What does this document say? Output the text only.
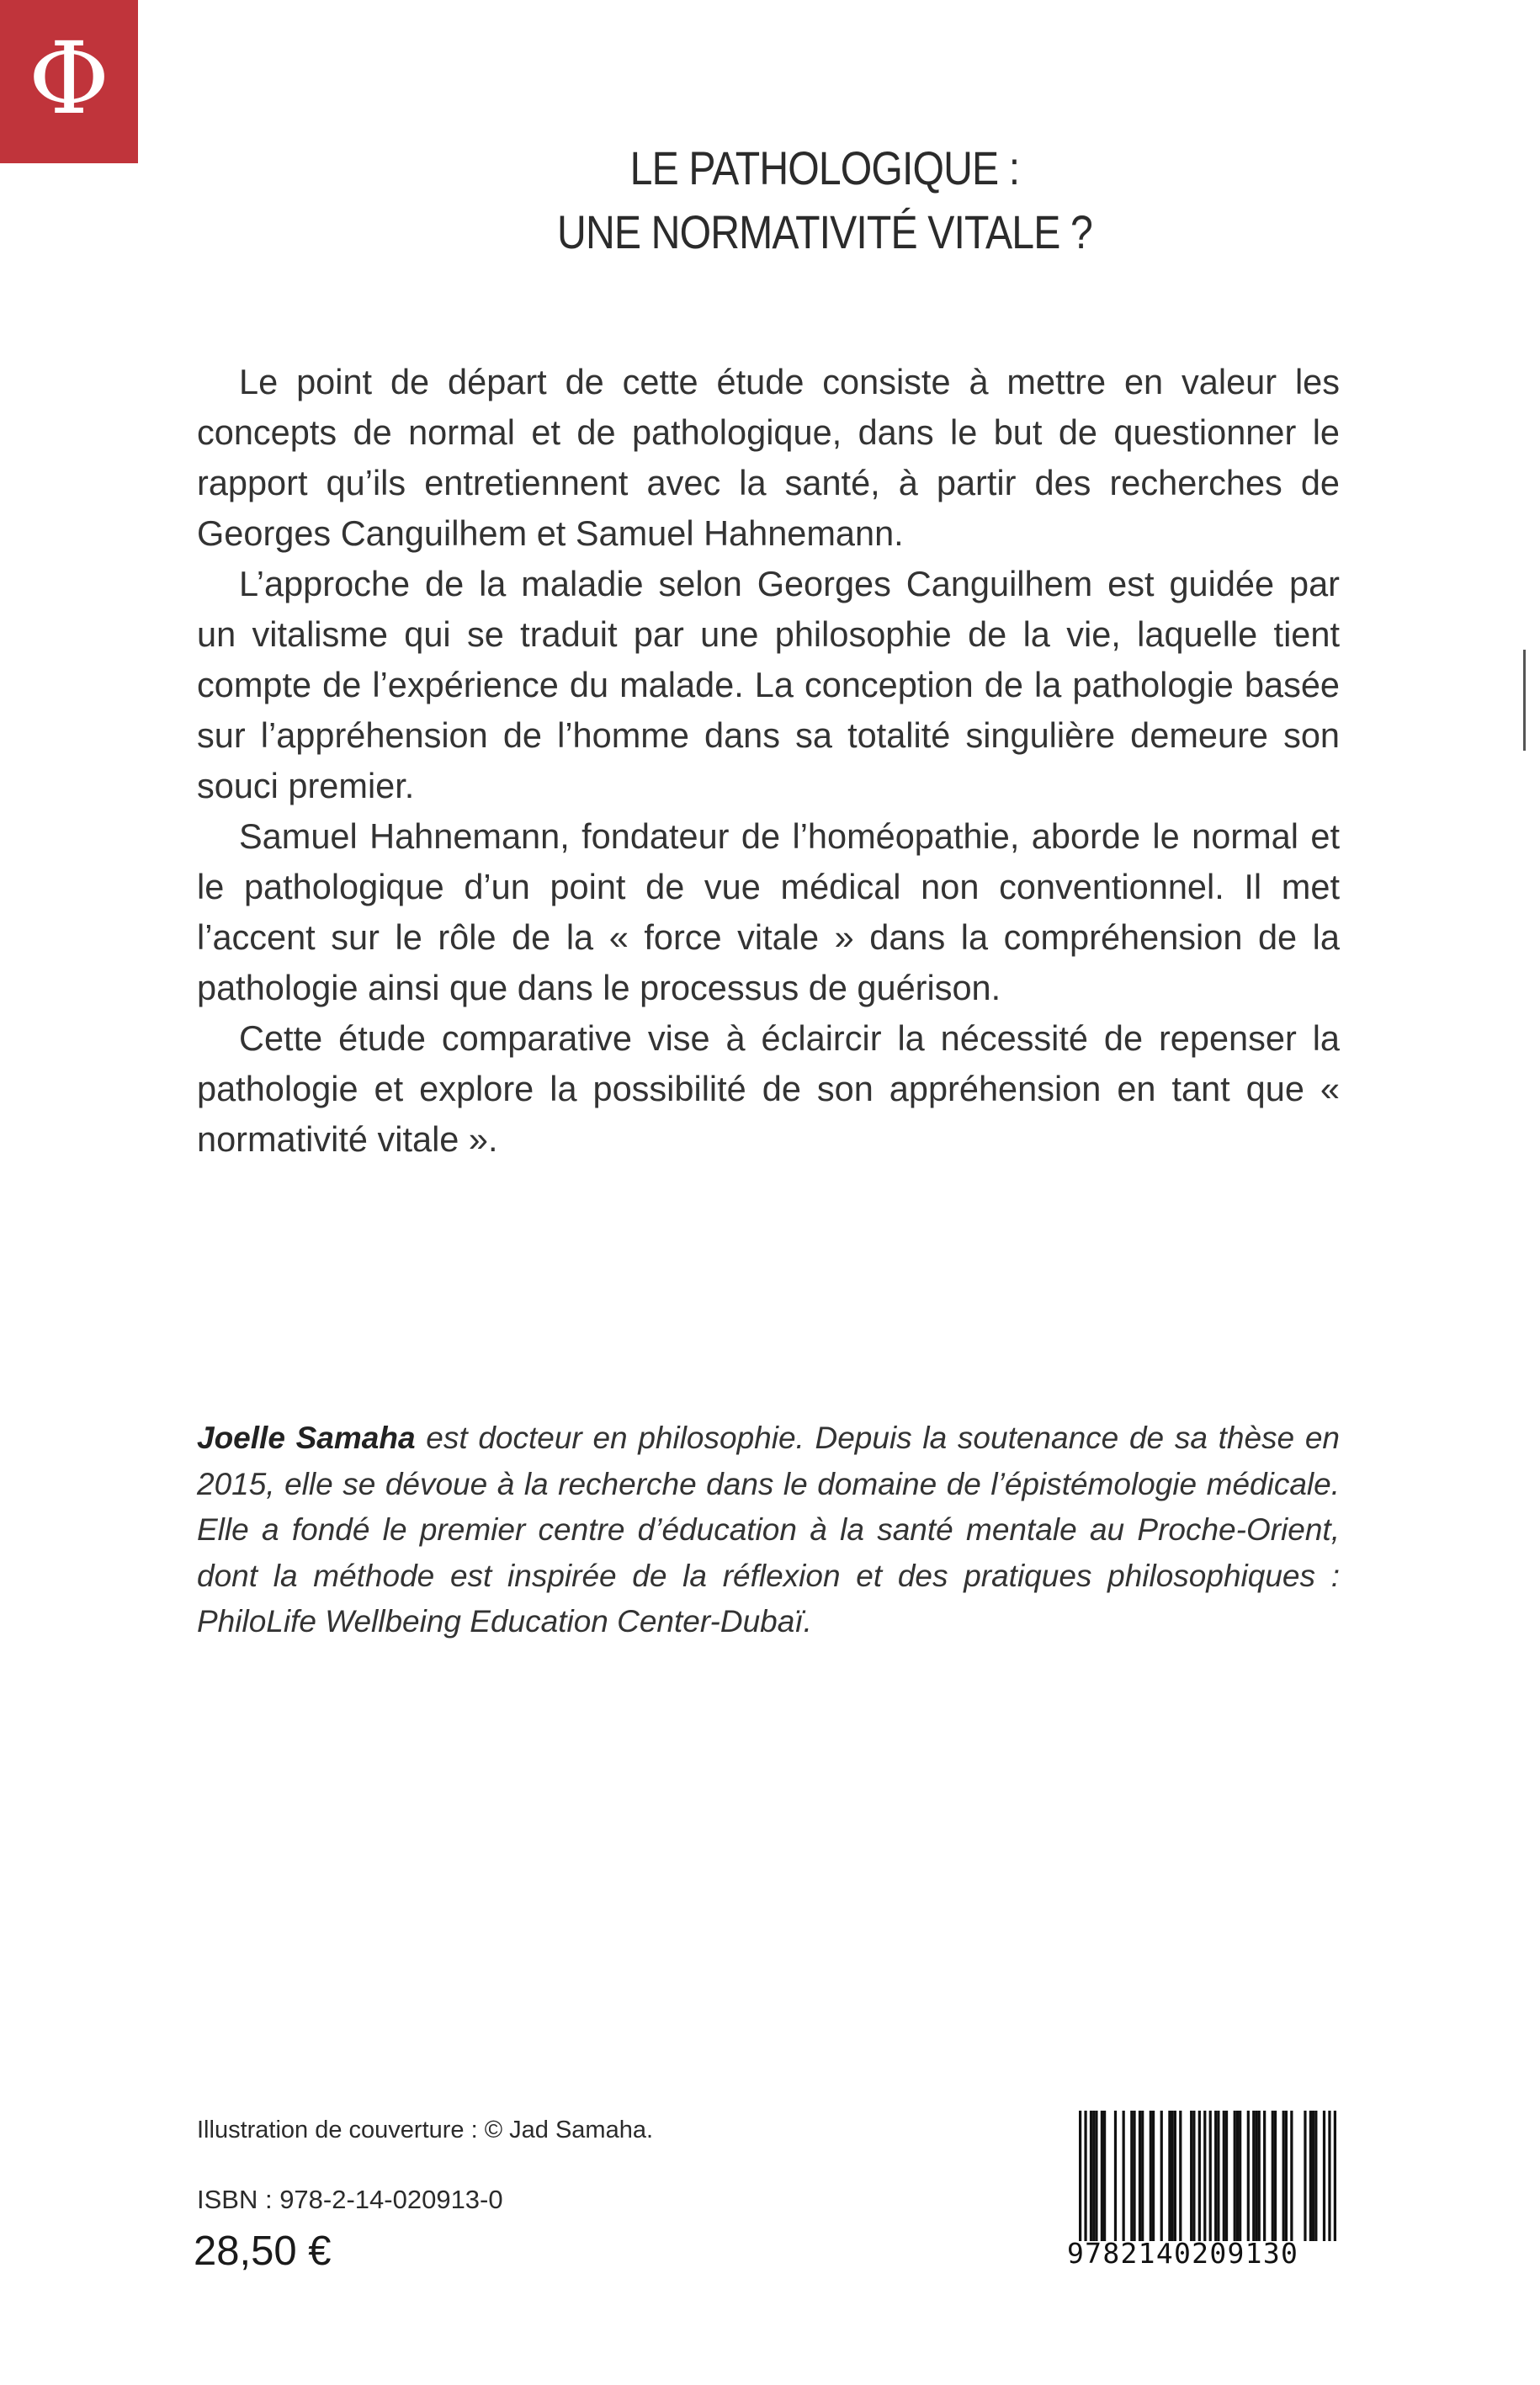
Φ
LE PATHOLOGIQUE :
UNE NORMATIVITÉ VITALE ?

Le point de départ de cette étude consiste à mettre en valeur les concepts de normal et de pathologique, dans le but de questionner le rapport qu’ils entretiennent avec la santé, à partir des recherches de Georges Canguilhem et Samuel Hahnemann.

L’approche de la maladie selon Georges Canguilhem est guidée par un vitalisme qui se traduit par une philosophie de la vie, laquelle tient compte de l’expérience du malade. La conception de la pathologie basée sur l’appréhension de l’homme dans sa totalité singulière demeure son souci premier.

Samuel Hahnemann, fondateur de l’homéopathie, aborde le normal et le pathologique d’un point de vue médical non conventionnel. Il met l’accent sur le rôle de la « force vitale » dans la compréhension de la pathologie ainsi que dans le processus de guérison.

Cette étude comparative vise à éclaircir la nécessité de repenser la pathologie et explore la possibilité de son appréhension en tant que « normativité vitale ».

Joelle Samaha est docteur en philosophie. Depuis la soutenance de sa thèse en 2015, elle se dévoue à la recherche dans le domaine de l’épistémologie médicale. Elle a fondé le premier centre d’éducation à la santé mentale au Proche-Orient, dont la méthode est inspirée de la réflexion et des pratiques philosophiques : PhiloLife Wellbeing Education Center-Dubaï.

Illustration de couverture : © Jad Samaha.
ISBN : 978-2-14-020913-0
28,50 €	9782140209130
